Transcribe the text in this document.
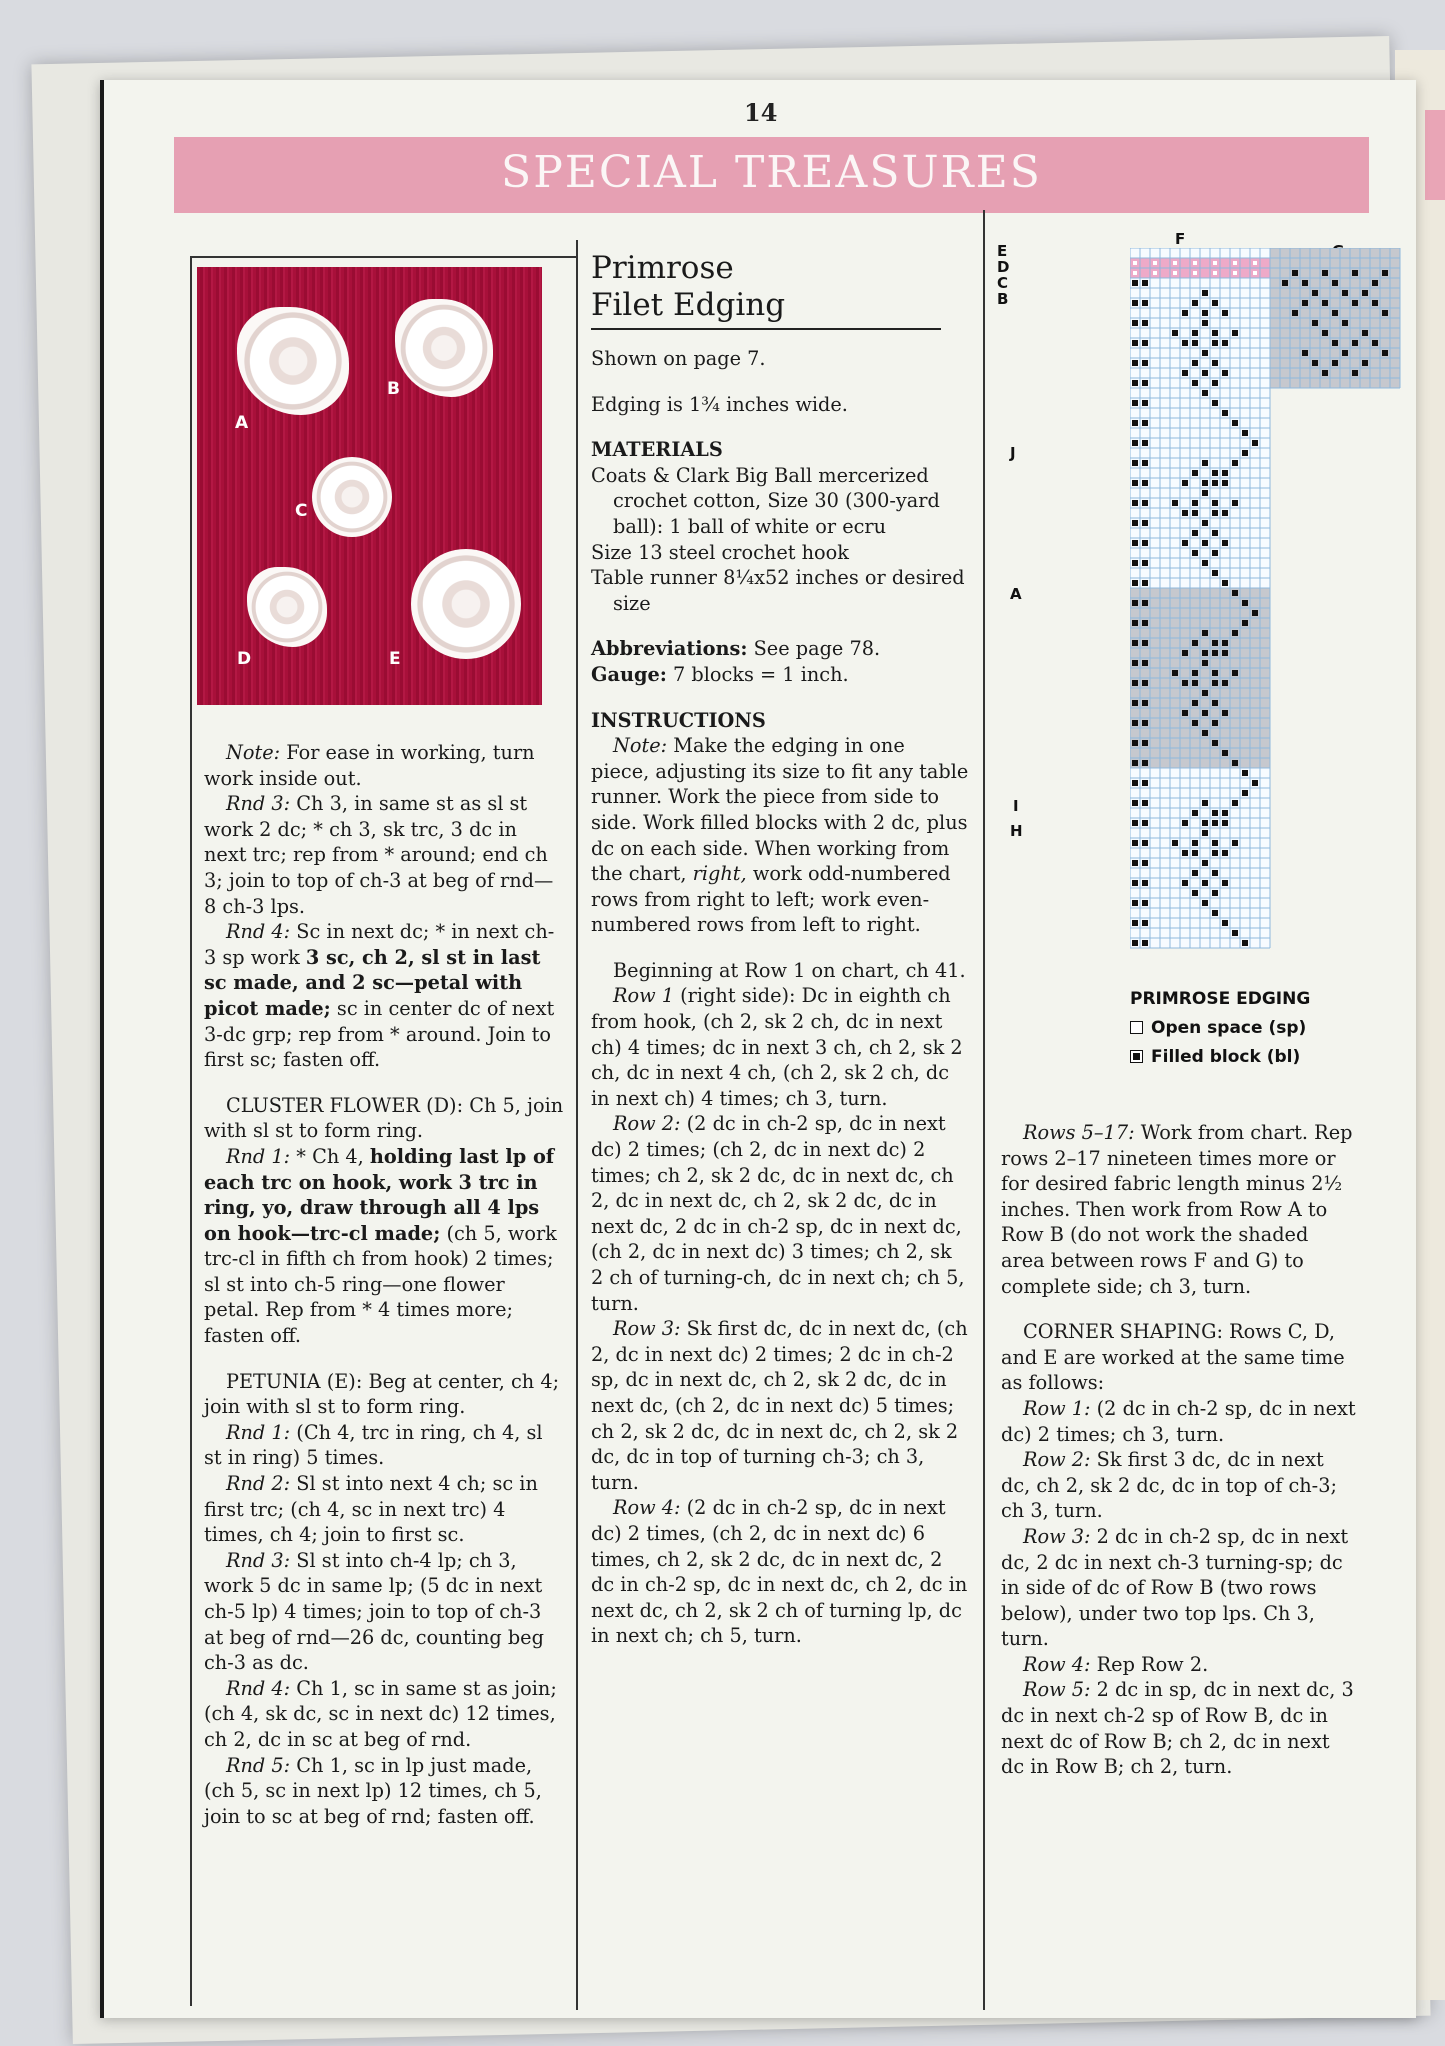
14
SPECIAL TREASURES
A
B
C
D	E

Note: For ease in working, turn work inside out.

Rnd 3: Ch 3, in same st as sl st work 2 dc; * ch 3, sk trc, 3 dc in next trc; rep from * around; end ch 3; join to top of ch-3 at beg of rnd—8 ch-3 lps.

Rnd 4: Sc in next dc; * in next ch-3 sp work 3 sc, ch 2, sl st in last sc made, and 2 sc—petal with picot made; sc in center dc of next 3-dc grp; rep from * around. Join to first sc; fasten off.

CLUSTER FLOWER (D): Ch 5, join with sl st to form ring.

Rnd 1: * Ch 4, holding last lp of each trc on hook, work 3 trc in ring, yo, draw through all 4 lps on hook—trc-cl made; (ch 5, work trc-cl in fifth ch from hook) 2 times; sl st into ch-5 ring—one flower petal. Rep from * 4 times more; fasten off.

PETUNIA (E): Beg at center, ch 4; join with sl st to form ring.

Rnd 1: (Ch 4, trc in ring, ch 4, sl st in ring) 5 times.

Rnd 2: Sl st into next 4 ch; sc in first trc; (ch 4, sc in next trc) 4 times, ch 4; join to first sc.

Rnd 3: Sl st into ch-4 lp; ch 3, work 5 dc in same lp; (5 dc in next ch-5 lp) 4 times; join to top of ch-3 at beg of rnd—26 dc, counting beg ch-3 as dc.

Rnd 4: Ch 1, sc in same st as join; (ch 4, sk dc, sc in next dc) 12 times, ch 2, dc in sc at beg of rnd.

Rnd 5: Ch 1, sc in lp just made, (ch 5, sc in next lp) 12 times, ch 5, join to sc at beg of rnd; fasten off.

Primrose
Filet Edging

Shown on page 7.

Edging is 1¾ inches wide.

MATERIALS

Coats & Clark Big Ball mercerized crochet cotton, Size 30 (300-yard ball): 1 ball of white or ecru

Size 13 steel crochet hook

Table runner 8¼x52 inches or desired size

Abbreviations: See page 78.

Gauge: 7 blocks = 1 inch.

INSTRUCTIONS

Note: Make the edging in one piece, adjusting its size to fit any table runner. Work the piece from side to side. Work filled blocks with 2 dc, plus dc on each side. When working from the chart, right, work odd-numbered rows from right to left; work even-numbered rows from left to right.

Beginning at Row 1 on chart, ch 41.

Row 1 (right side): Dc in eighth ch from hook, (ch 2, sk 2 ch, dc in next ch) 4 times; dc in next 3 ch, ch 2, sk 2 ch, dc in next 4 ch, (ch 2, sk 2 ch, dc in next ch) 4 times; ch 3, turn.

Row 2: (2 dc in ch-2 sp, dc in next dc) 2 times; (ch 2, dc in next dc) 2 times; ch 2, sk 2 dc, dc in next dc, ch 2, dc in next dc, ch 2, sk 2 dc, dc in next dc, 2 dc in ch-2 sp, dc in next dc, (ch 2, dc in next dc) 3 times; ch 2, sk 2 ch of turning-ch, dc in next ch; ch 5, turn.

Row 3: Sk first dc, dc in next dc, (ch 2, dc in next dc) 2 times; 2 dc in ch-2 sp, dc in next dc, ch 2, sk 2 dc, dc in next dc, (ch 2, dc in next dc) 5 times; ch 2, sk 2 dc, dc in next dc, ch 2, sk 2 dc, dc in top of turning ch-3; ch 3, turn.

Row 4: (2 dc in ch-2 sp, dc in next dc) 2 times, (ch 2, dc in next dc) 6 times, ch 2, sk 2 dc, dc in next dc, 2 dc in ch-2 sp, dc in next dc, ch 2, dc in next dc, ch 2, sk 2 ch of turning lp, dc in next ch; ch 5, turn.

E
D
C
B
F
J
A
I
H
PRIMROSE EDGING
Open space (sp)
Filled block (bl)

Rows 5–17: Work from chart. Rep rows 2–17 nineteen times more or for desired fabric length minus 2½ inches. Then work from Row A to Row B (do not work the shaded area between rows F and G) to complete side; ch 3, turn.

CORNER SHAPING: Rows C, D, and E are worked at the same time as follows:

Row 1: (2 dc in ch-2 sp, dc in next dc) 2 times; ch 3, turn.

Row 2: Sk first 3 dc, dc in next dc, ch 2, sk 2 dc, dc in top of ch-3; ch 3, turn.

Row 3: 2 dc in ch-2 sp, dc in next dc, 2 dc in next ch-3 turning-sp; dc in side of dc of Row B (two rows below), under two top lps. Ch 3, turn.

Row 4: Rep Row 2.

Row 5: 2 dc in sp, dc in next dc, 3 dc in next ch-2 sp of Row B, dc in next dc of Row B; ch 2, dc in next dc in Row B; ch 2, turn.
